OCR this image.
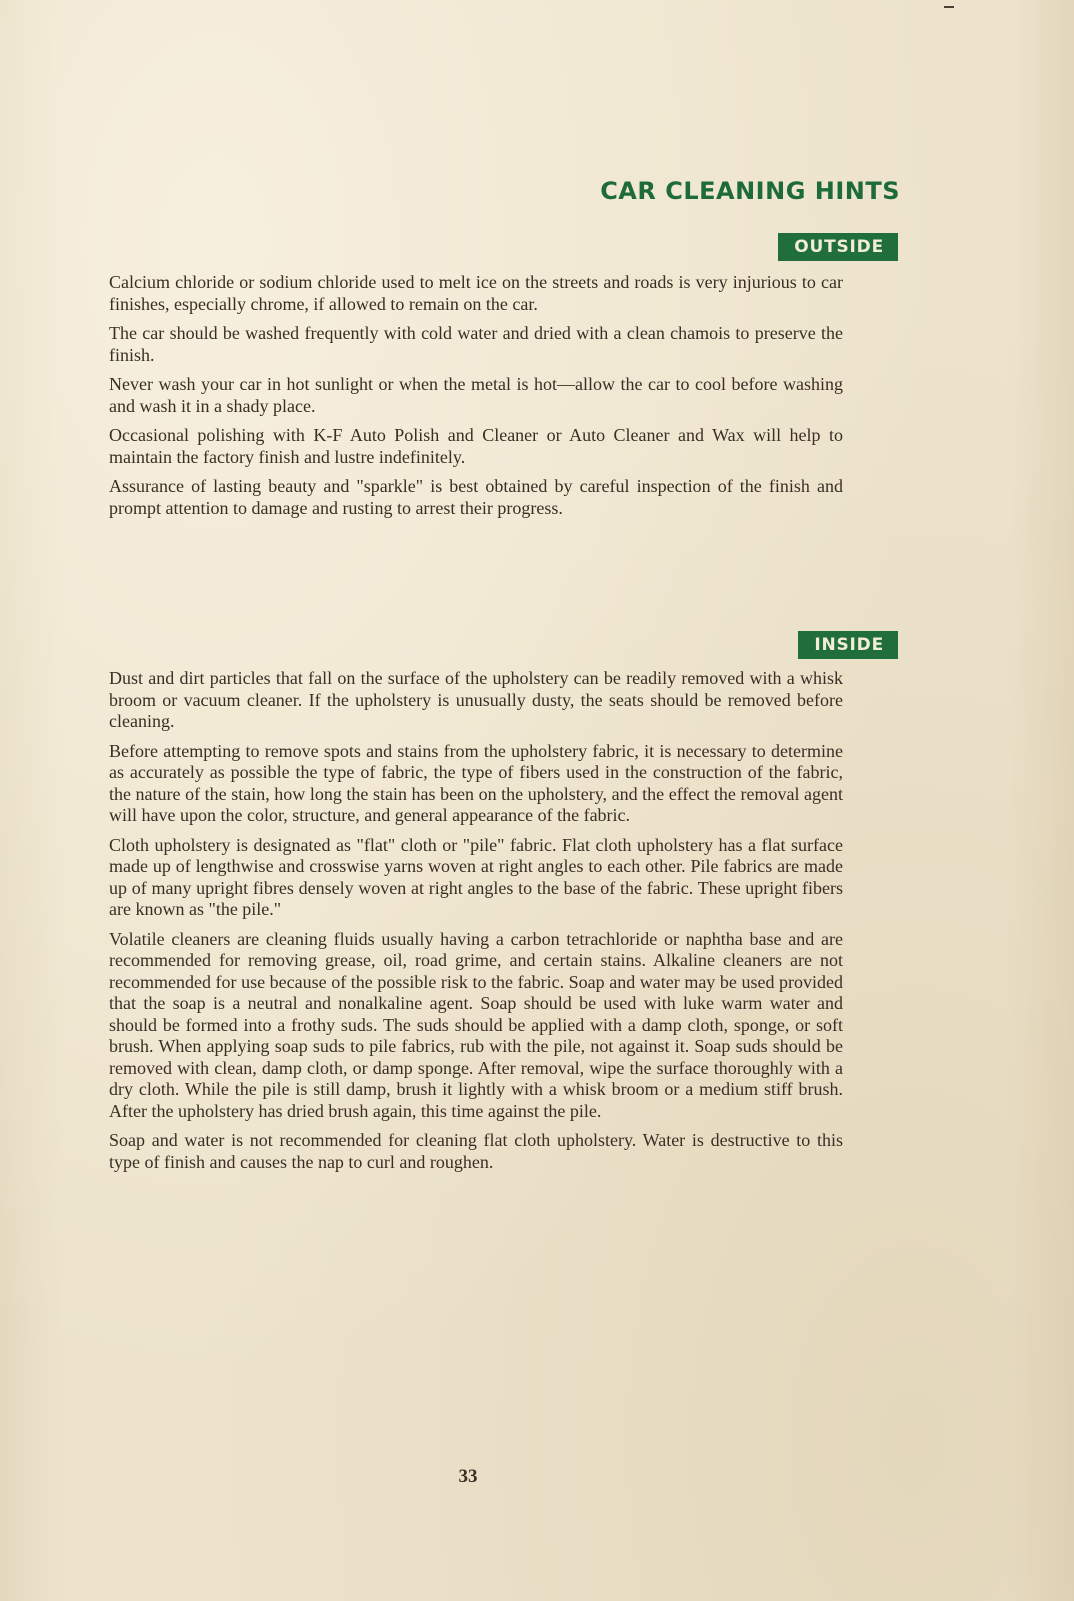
CAR CLEANING HINTS
OUTSIDE

Calcium chloride or sodium chloride used to melt ice on the streets and roads is very injurious to car finishes, especially chrome, if allowed to remain on the car.

The car should be washed frequently with cold water and dried with a clean chamois to preserve the finish.

Never wash your car in hot sunlight or when the metal is hot—allow the car to cool before washing and wash it in a shady place.

Occasional polishing with K-F Auto Polish and Cleaner or Auto Cleaner and Wax will help to maintain the factory finish and lustre indefinitely.

Assurance of lasting beauty and "sparkle" is best obtained by careful inspection of the finish and prompt attention to damage and rusting to arrest their progress.

INSIDE

Dust and dirt particles that fall on the surface of the upholstery can be readily removed with a whisk broom or vacuum cleaner. If the upholstery is unusually dusty, the seats should be removed before cleaning.

Before attempting to remove spots and stains from the upholstery fabric, it is necessary to determine as accurately as possible the type of fabric, the type of fibers used in the construction of the fabric, the nature of the stain, how long the stain has been on the upholstery, and the effect the removal agent will have upon the color, structure, and general appearance of the fabric.

Cloth upholstery is designated as "flat" cloth or "pile" fabric. Flat cloth upholstery has a flat surface made up of lengthwise and crosswise yarns woven at right angles to each other. Pile fabrics are made up of many upright fibres densely woven at right angles to the base of the fabric. These upright fibers are known as "the pile."

Volatile cleaners are cleaning fluids usually having a carbon tetrachloride or naphtha base and are recommended for removing grease, oil, road grime, and certain stains. Alkaline cleaners are not recommended for use because of the possible risk to the fabric. Soap and water may be used provided that the soap is a neutral and nonalkaline agent. Soap should be used with luke warm water and should be formed into a frothy suds. The suds should be applied with a damp cloth, sponge, or soft brush. When applying soap suds to pile fabrics, rub with the pile, not against it. Soap suds should be removed with clean, damp cloth, or damp sponge. After removal, wipe the surface thoroughly with a dry cloth. While the pile is still damp, brush it lightly with a whisk broom or a medium stiff brush. After the upholstery has dried brush again, this time against the pile.

Soap and water is not recommended for cleaning flat cloth upholstery. Water is destructive to this type of finish and causes the nap to curl and roughen.

33
